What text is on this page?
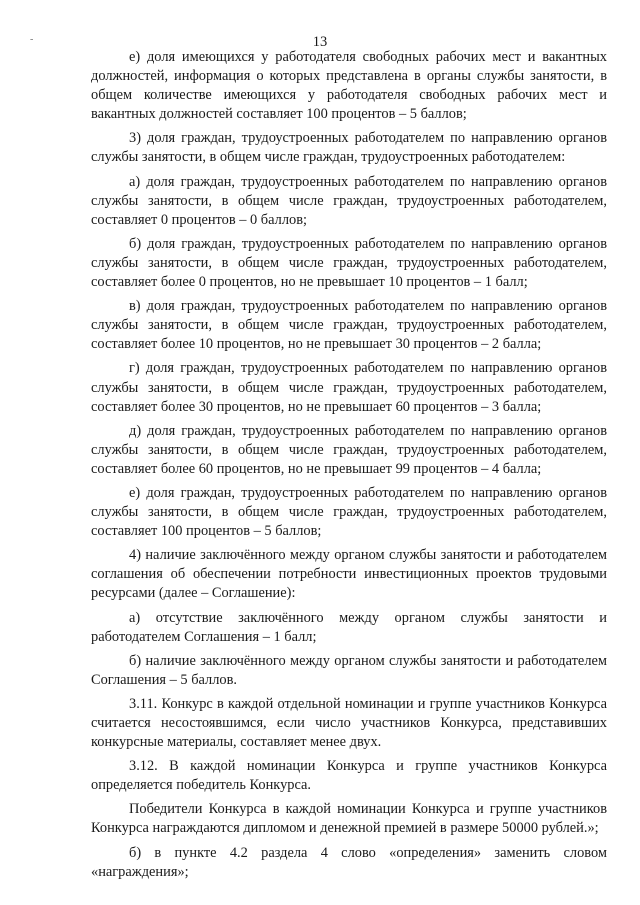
-	13

е) доля имеющихся у работодателя свободных рабочих мест и вакантных должностей, информация о которых представлена в органы службы занятости, в общем количестве имеющихся у работодателя свободных рабочих мест и вакантных должностей составляет 100 процентов – 5 баллов;

3) доля граждан, трудоустроенных работодателем по направлению органов службы занятости, в общем числе граждан, трудоустроенных работодателем:

а) доля граждан, трудоустроенных работодателем по направлению органов службы занятости, в общем числе граждан, трудоустроенных работодателем, составляет 0 процентов – 0 баллов;

б) доля граждан, трудоустроенных работодателем по направлению органов службы занятости, в общем числе граждан, трудоустроенных работодателем, составляет более 0 процентов, но не превышает 10 процентов – 1 балл;

в) доля граждан, трудоустроенных работодателем по направлению органов службы занятости, в общем числе граждан, трудоустроенных работодателем, составляет более 10 процентов, но не превышает 30 процентов – 2 балла;

г) доля граждан, трудоустроенных работодателем по направлению органов службы занятости, в общем числе граждан, трудоустроенных работодателем, составляет более 30 процентов, но не превышает 60 процентов – 3 балла;

д) доля граждан, трудоустроенных работодателем по направлению органов службы занятости, в общем числе граждан, трудоустроенных работодателем, составляет более 60 процентов, но не превышает 99 процентов – 4 балла;

е) доля граждан, трудоустроенных работодателем по направлению органов службы занятости, в общем числе граждан, трудоустроенных работодателем, составляет 100 процентов – 5 баллов;

4) наличие заключённого между органом службы занятости и работодателем соглашения об обеспечении потребности инвестиционных проектов трудовыми ресурсами (далее – Соглашение):

а) отсутствие заключённого между органом службы занятости и работодателем Соглашения – 1 балл;

б) наличие заключённого между органом службы занятости и работодателем Соглашения – 5 баллов.

3.11. Конкурс в каждой отдельной номинации и группе участников Конкурса считается несостоявшимся, если число участников Конкурса, представивших конкурсные материалы, составляет менее двух.

3.12. В каждой номинации Конкурса и группе участников Конкурса определяется победитель Конкурса.

Победители Конкурса в каждой номинации Конкурса и группе участников Конкурса награждаются дипломом и денежной премией в размере 50000 рублей.»;

б) в пункте 4.2 раздела 4 слово «определения» заменить словом «награждения»;
